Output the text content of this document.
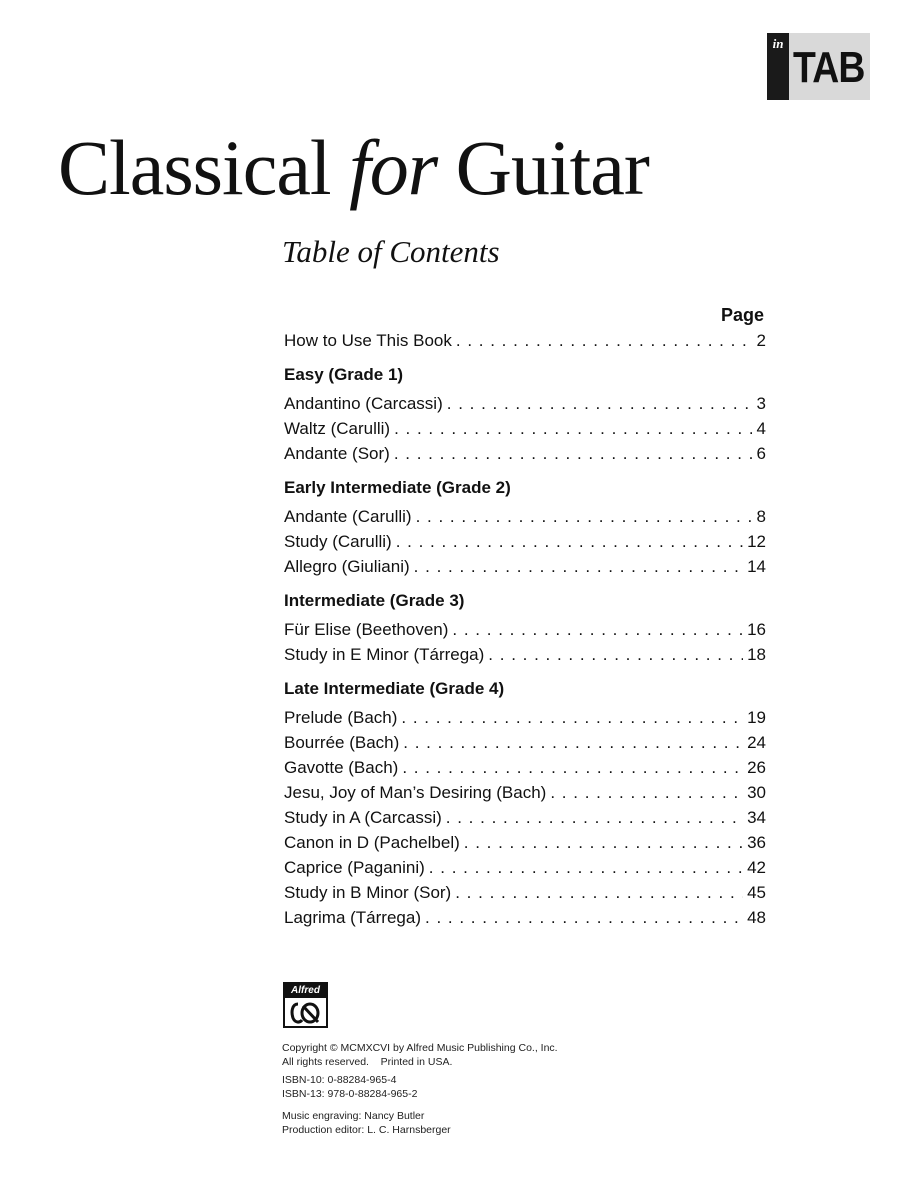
in TAB
Classical for Guitar
Table of Contents
Page
How to Use This Book . . .	2
Easy (Grade 1)
Andantino (Carcassi) . . .	3
Waltz (Carulli) . . .	4
Andante (Sor) . . .	6
Early Intermediate (Grade 2)
Andante (Carulli) . . .	8
Study (Carulli) . . .	12
Allegro (Giuliani) . . .	14
Intermediate (Grade 3)
Für Elise (Beethoven) . . .	16
Study in E Minor (Tárrega) . . .	18
Late Intermediate (Grade 4)
Prelude (Bach) . . .	19
Bourrée (Bach) . . .	24
Gavotte (Bach) . . .	26
Jesu, Joy of Man’s Desiring (Bach) . . .	30
Study in A (Carcassi) . . .	34
Canon in D (Pachelbel) . . .	36
Caprice (Paganini) . . .	42
Study in B Minor (Sor) . . .	45
Lagrima (Tárrega) . . .	48
Alfred

Copyright © MCMXCVI by Alfred Music Publishing Co., Inc.

All rights reserved.    Printed in USA.

ISBN-10: 0-88284-965-4

ISBN-13: 978-0-88284-965-2

Music engraving: Nancy Butler

Production editor: L. C. Harnsberger
